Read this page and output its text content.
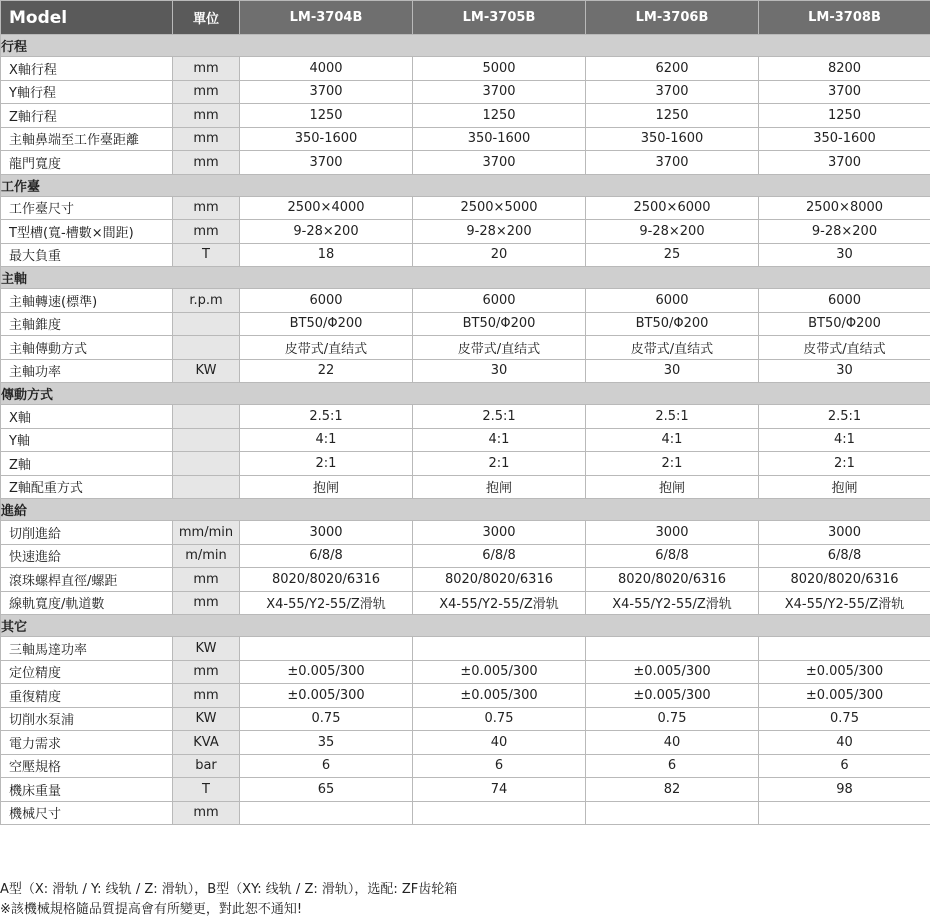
Model	單位	LM-3704B	LM-3705B	LM-3706B	LM-3708B
行程					
X軸行程	mm	4000	5000	6200	8200
Y軸行程	mm	3700	3700	3700	3700
Z軸行程	mm	1250	1250	1250	1250
主軸鼻端至工作臺距離	mm	350-1600	350-1600	350-1600	350-1600
龍門寬度	mm	3700	3700	3700	3700
工作臺					
工作臺尺寸	mm	2500×4000	2500×5000	2500×6000	2500×8000
T型槽(寬-槽數×間距)	mm	9-28×200	9-28×200	9-28×200	9-28×200
最大負重	T	18	20	25	30
主軸					
主軸轉速(標準)	r.p.m	6000	6000	6000	6000
主軸錐度		BT50/Φ200	BT50/Φ200	BT50/Φ200	BT50/Φ200
主軸傳動方式		皮带式/直结式	皮带式/直结式	皮带式/直结式	皮带式/直结式
主軸功率	KW	22	30	30	30
傳動方式					
X軸		2.5:1	2.5:1	2.5:1	2.5:1
Y軸		4:1	4:1	4:1	4:1
Z軸		2:1	2:1	2:1	2:1
Z軸配重方式		抱闸	抱闸	抱闸	抱闸
進給					
切削進給	mm/min	3000	3000	3000	3000
快速進給	m/min	6/8/8	6/8/8	6/8/8	6/8/8
滾珠螺桿直徑/螺距	mm	8020/8020/6316	8020/8020/6316	8020/8020/6316	8020/8020/6316
線軌寬度/軌道數	mm	X4-55/Y2-55/Z滑轨	X4-55/Y2-55/Z滑轨	X4-55/Y2-55/Z滑轨	X4-55/Y2-55/Z滑轨
其它					
三軸馬達功率	KW				
定位精度	mm	±0.005/300	±0.005/300	±0.005/300	±0.005/300
重復精度	mm	±0.005/300	±0.005/300	±0.005/300	±0.005/300
切削水泵浦	KW	0.75	0.75	0.75	0.75
電力需求	KVA	35	40	40	40
空壓規格	bar	6	6	6	6
機床重量	T	65	74	82	98
機械尺寸	mm				
A型（X: 滑轨 / Y: 线轨 / Z: 滑轨），B型（XY: 线轨 / Z: 滑轨），选配: ZF齿轮箱
※該機械規格隨品質提高會有所變更，對此恕不通知!
